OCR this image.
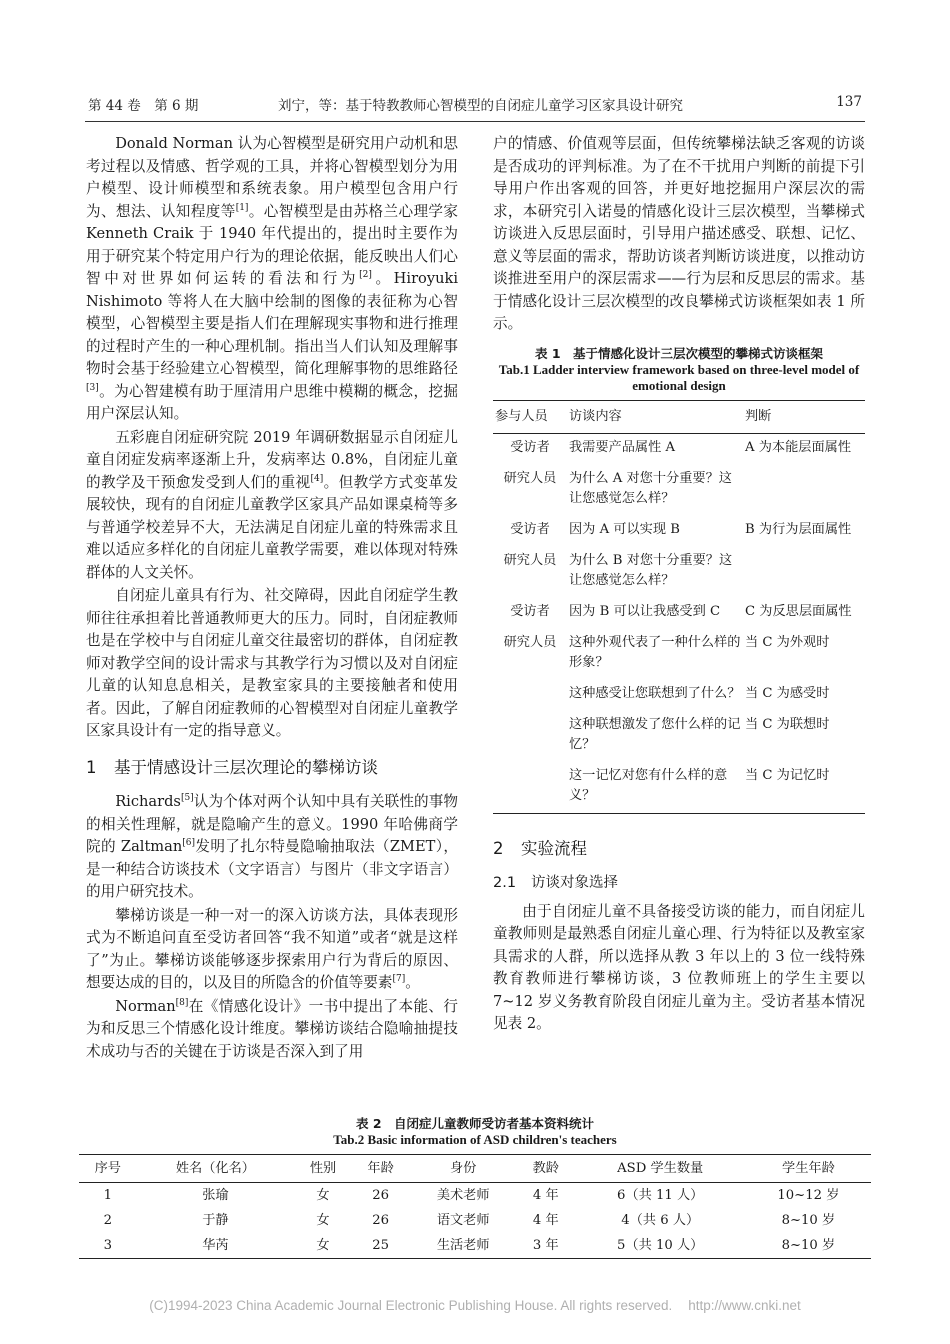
第 44 卷　第 6 期	刘宁，等：基于特教教师心智模型的自闭症儿童学习区家具设计研究	137

Donald Norman 认为心智模型是研究用户动机和思考过程以及情感、哲学观的工具，并将心智模型划分为用户模型、设计师模型和系统表象。用户模型包含用户行为、想法、认知程度等[1]。心智模型是由苏格兰心理学家 Kenneth Craik 于 1940 年代提出的，提出时主要作为用于研究某个特定用户行为的理论依据，能反映出人们心智中对世界如何运转的看法和行为[2]。Hiroyuki Nishimoto 等将人在大脑中绘制的图像的表征称为心智模型，心智模型主要是指人们在理解现实事物和进行推理的过程时产生的一种心理机制。指出当人们认知及理解事物时会基于经验建立心智模型，简化理解事物的思维路径[3]。为心智建模有助于厘清用户思维中模糊的概念，挖掘用户深层认知。

五彩鹿自闭症研究院 2019 年调研数据显示自闭症儿童自闭症发病率逐渐上升，发病率达 0.8%，自闭症儿童的教学及干预愈发受到人们的重视[4]。但教学方式变革发展较快，现有的自闭症儿童教学区家具产品如课桌椅等多与普通学校差异不大，无法满足自闭症儿童的特殊需求且难以适应多样化的自闭症儿童教学需要，难以体现对特殊群体的人文关怀。

自闭症儿童具有行为、社交障碍，因此自闭症学生教师往往承担着比普通教师更大的压力。同时，自闭症教师也是在学校中与自闭症儿童交往最密切的群体，自闭症教师对教学空间的设计需求与其教学行为习惯以及对自闭症儿童的认知息息相关，是教室家具的主要接触者和使用者。因此，了解自闭症教师的心智模型对自闭症儿童教学区家具设计有一定的指导意义。

1 基于情感设计三层次理论的攀梯访谈

Richards[5]认为个体对两个认知中具有关联性的事物的相关性理解，就是隐喻产生的意义。1990 年哈佛商学院的 Zaltman[6]发明了扎尔特曼隐喻抽取法（ZMET），是一种结合访谈技术（文字语言）与图片（非文字语言）的用户研究技术。

攀梯访谈是一种一对一的深入访谈方法，具体表现形式为不断追问直至受访者回答“我不知道”或者“就是这样了”为止。攀梯访谈能够逐步探索用户行为背后的原因、想要达成的目的，以及目的所隐含的价值等要素[7]。

Norman[8]在《情感化设计》一书中提出了本能、行为和反思三个情感化设计维度。攀梯访谈结合隐喻抽提技术成功与否的关键在于访谈是否深入到了用

户的情感、价值观等层面，但传统攀梯法缺乏客观的访谈是否成功的评判标准。为了在不干扰用户判断的前提下引导用户作出客观的回答，并更好地挖掘用户深层次的需求，本研究引入诺曼的情感化设计三层次模型，当攀梯式访谈进入反思层面时，引导用户描述感受、联想、记忆、意义等层面的需求，帮助访谈者判断访谈进度，以推动访谈推进至用户的深层需求——行为层和反思层的需求。基于情感化设计三层次模型的改良攀梯式访谈框架如表 1 所示。

表 1　基于情感化设计三层次模型的攀梯式访谈框架
Tab.1 Ladder interview framework based on three-level model of emotional design
参与人员	访谈内容	判断
受访者	我需要产品属性 A	A 为本能层面属性
研究人员	为什么 A 对您十分重要？这让您感觉怎么样？	
受访者	因为 A 可以实现 B	B 为行为层面属性
研究人员	为什么 B 对您十分重要？这让您感觉怎么样？	
受访者	因为 B 可以让我感受到 C	C 为反思层面属性
研究人员	这种外观代表了一种什么样的形象？	当 C 为外观时
	这种感受让您联想到了什么？	当 C 为感受时
	这种联想激发了您什么样的记忆？	当 C 为联想时
	这一记忆对您有什么样的意义？	当 C 为记忆时
2 实验流程
2.1 访谈对象选择

由于自闭症儿童不具备接受访谈的能力，而自闭症儿童教师则是最熟悉自闭症儿童心理、行为特征以及教室家具需求的人群，所以选择从教 3 年以上的 3 位一线特殊教育教师进行攀梯访谈，3 位教师班上的学生主要以 7~12 岁义务教育阶段自闭症儿童为主。受访者基本情况见表 2。

表 2　自闭症儿童教师受访者基本资料统计
Tab.2 Basic information of ASD children's teachers
序号	姓名（化名）	性别	年龄	身份	教龄	ASD 学生数量	学生年龄
1	张瑜	女	26	美术老师	4 年	6（共 11 人）	10~12 岁
2	于静	女	26	语文老师	4 年	4（共 6 人）	8~10 岁
3	华芮	女	25	生活老师	3 年	5（共 10 人）	8~10 岁
(C)1994-2023 China Academic Journal Electronic Publishing House. All rights reserved. http://www.cnki.net
